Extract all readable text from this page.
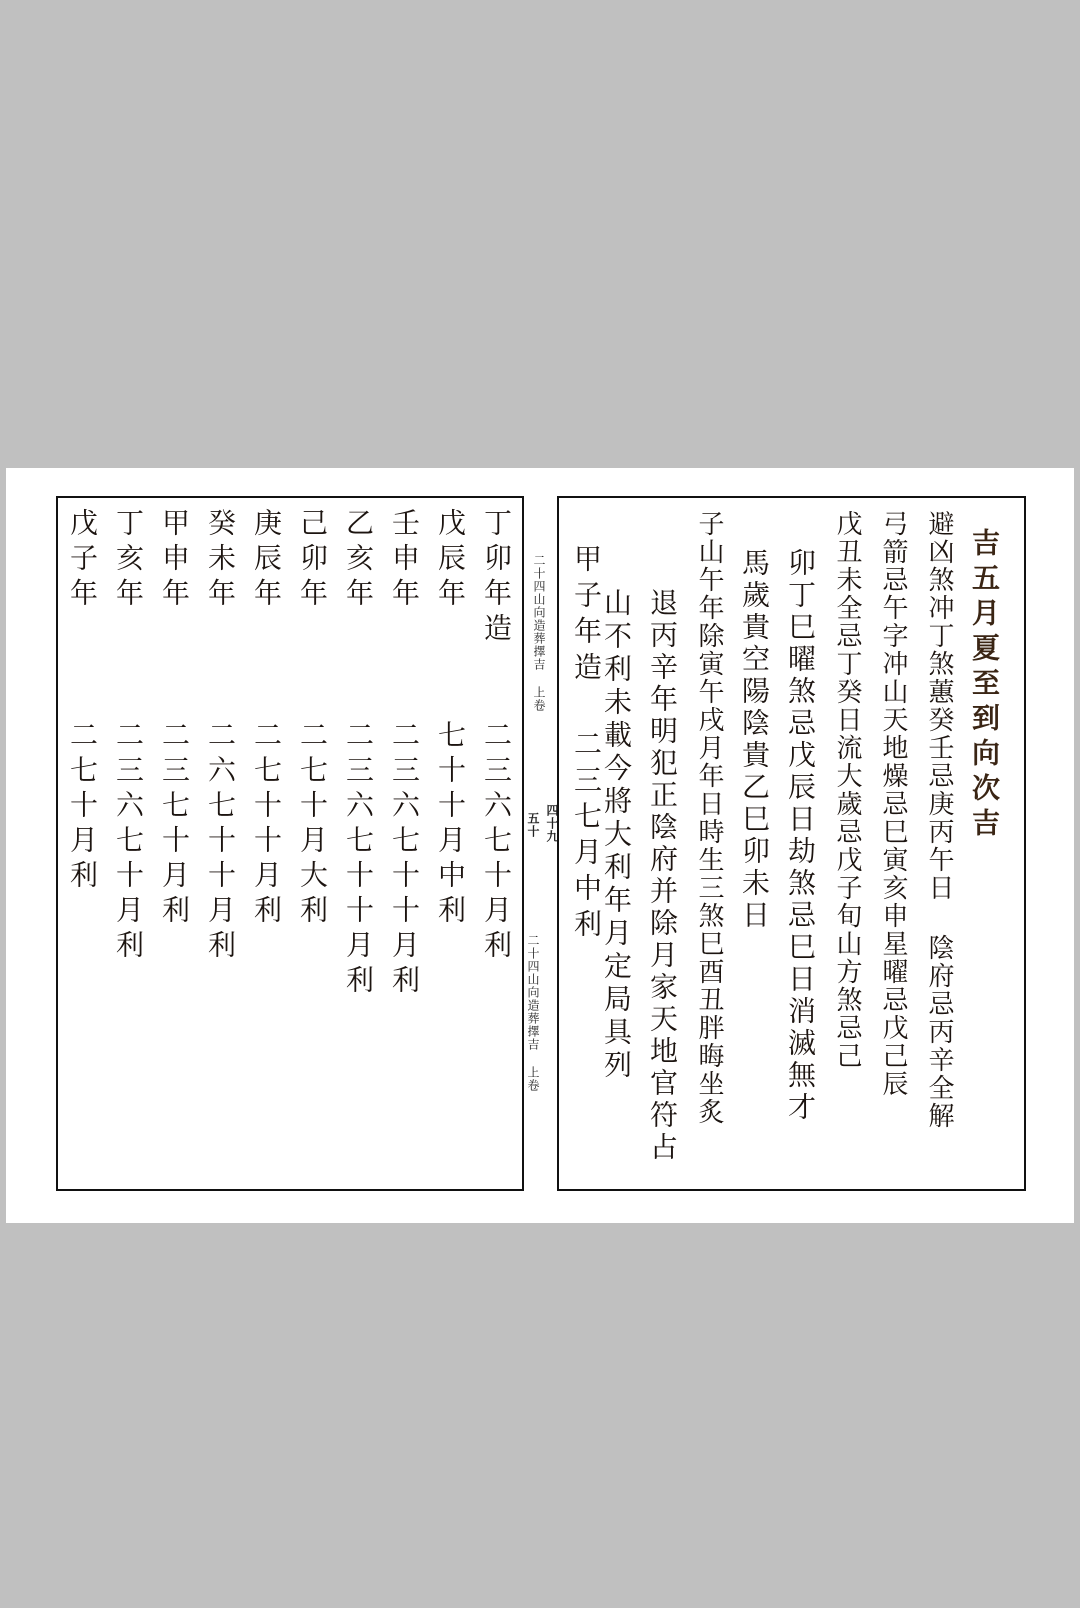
丁卯年造
戊辰年
壬申年
乙亥年
己卯年
庚辰年
癸未年
甲申年
丁亥年
戊子年
二三六七十月利
七十十月中利
二三六七十十月利
二三六七十十月利
二七十月大利
二七十十月利
二六七十十月利
二三七十月利
二三六七十月利
二七十月利
二十四山向造葬擇吉 上卷
四十九
五十
二十四山向造葬擇吉 上卷
吉五月夏至到向次吉
避凶煞冲丁煞蕙癸壬忌庚丙午日 陰府忌丙辛全解
弓箭忌午字冲山天地燥忌巳寅亥申星曜忌戊己辰
戊丑未全忌丁癸日流大歲忌戊子旬山方煞忌己
卯丁巳曜煞忌戊辰日劫煞忌巳日消滅無才
馬歲貴空陽陰貴乙巳卯未日
子山午年除寅午戌月年日時生三煞巳酉丑胖晦坐炙
退丙辛年明犯正陰府并除月家天地官符占
山不利未載今將大利年月定局具列
甲子年造 二三七月中利
